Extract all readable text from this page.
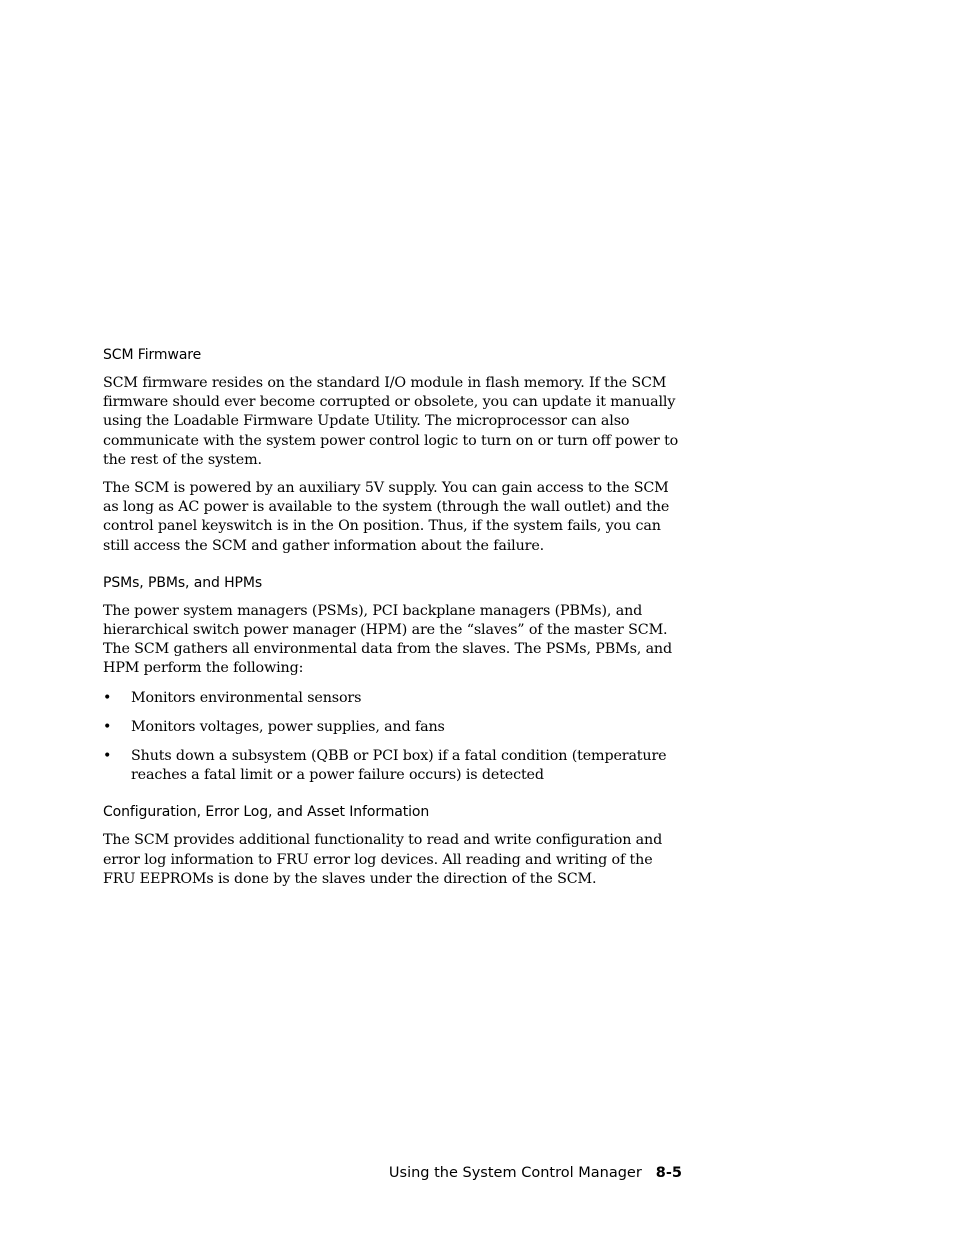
SCM Firmware

SCM firmware resides on the standard I/O module in flash memory. If the SCM firmware should ever become corrupted or obsolete, you can update it manually using the Loadable Firmware Update Utility. The microprocessor can also communicate with the system power control logic to turn on or turn off power to the rest of the system.

The SCM is powered by an auxiliary 5V supply. You can gain access to the SCM as long as AC power is available to the system (through the wall outlet) and the control panel keyswitch is in the On position. Thus, if the system fails, you can still access the SCM and gather information about the failure.

PSMs, PBMs, and HPMs

The power system managers (PSMs), PCI backplane managers (PBMs), and hierarchical switch power manager (HPM) are the “slaves” of the master SCM. The SCM gathers all environmental data from the slaves. The PSMs, PBMs, and HPM perform the following:

• Monitors environmental sensors
• Monitors voltages, power supplies, and fans
• Shuts down a subsystem (QBB or PCI box) if a fatal condition (temperature reaches a fatal limit or a power failure occurs) is detected
Configuration, Error Log, and Asset Information

The SCM provides additional functionality to read and write configuration and error log information to FRU error log devices. All reading and writing of the FRU EEPROMs is done by the slaves under the direction of the SCM.

Using the System Control Manager 8-5
